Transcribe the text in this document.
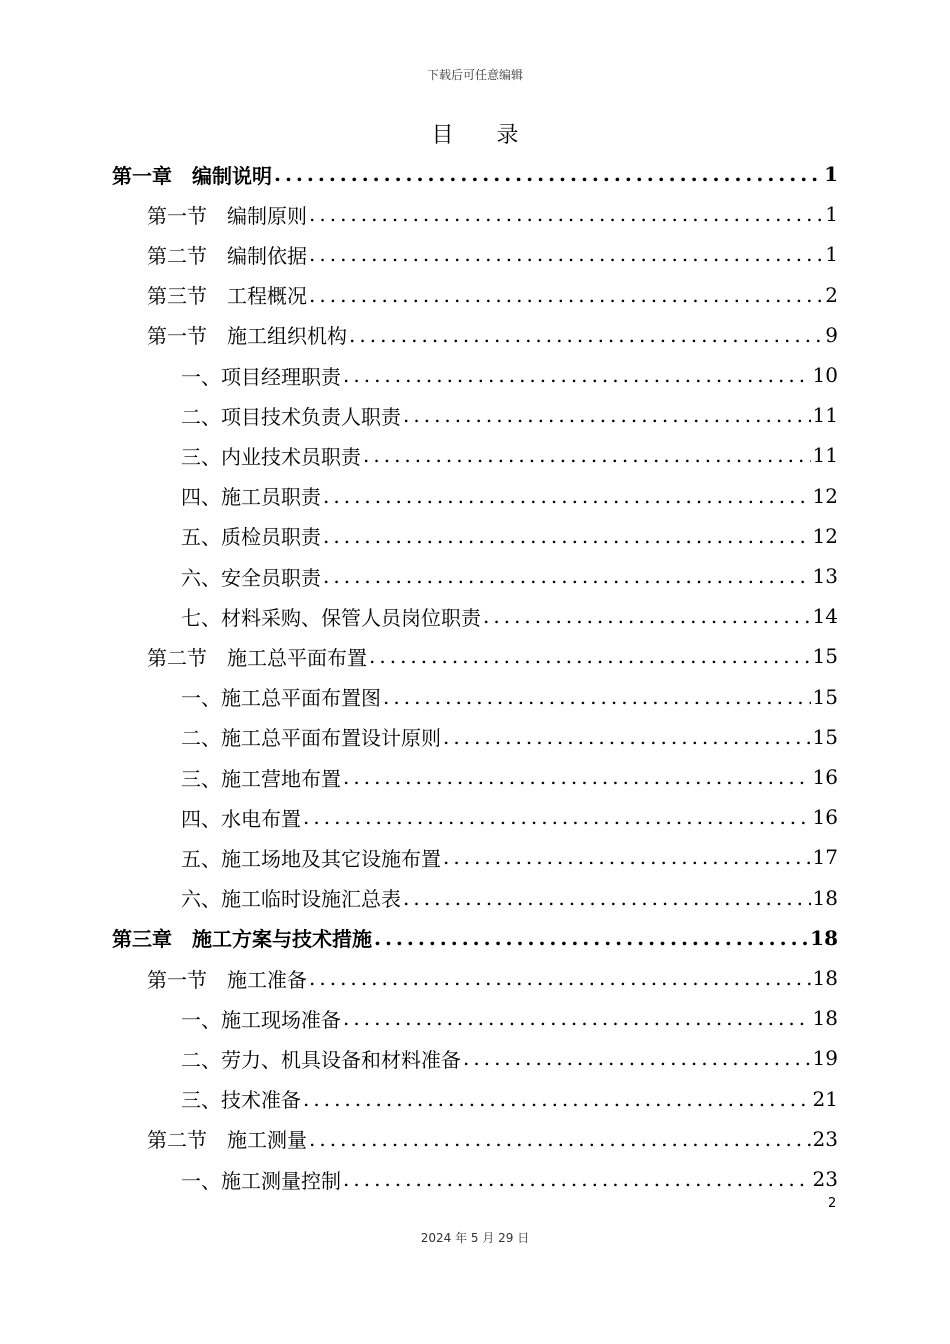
下载后可任意编辑
目 录
第一章　编制说明 .....	1
第一节　编制原则 .....	1
第二节　编制依据 .....	1
第三节　工程概况 .....	2
第一节　施工组织机构 .....	9
一、项目经理职责 .....	10
二、项目技术负责人职责 .....	11
三、内业技术员职责 .....	11
四、施工员职责 .....	12
五、质检员职责 .....	12
六、安全员职责 .....	13
七、材料采购、保管人员岗位职责 .....	14
第二节　施工总平面布置 .....	15
一、施工总平面布置图 .....	15
二、施工总平面布置设计原则 .....	15
三、施工营地布置 .....	16
四、水电布置 .....	16
五、施工场地及其它设施布置 .....	17
六、施工临时设施汇总表 .....	18
第三章　施工方案与技术措施 .....	18
第一节　施工准备 .....	18
一、施工现场准备 .....	18
二、劳力、机具设备和材料准备 .....	19
三、技术准备 .....	21
第二节　施工测量 .....	23
一、施工测量控制 .....	23
2
2024 年 5 月 29 日
